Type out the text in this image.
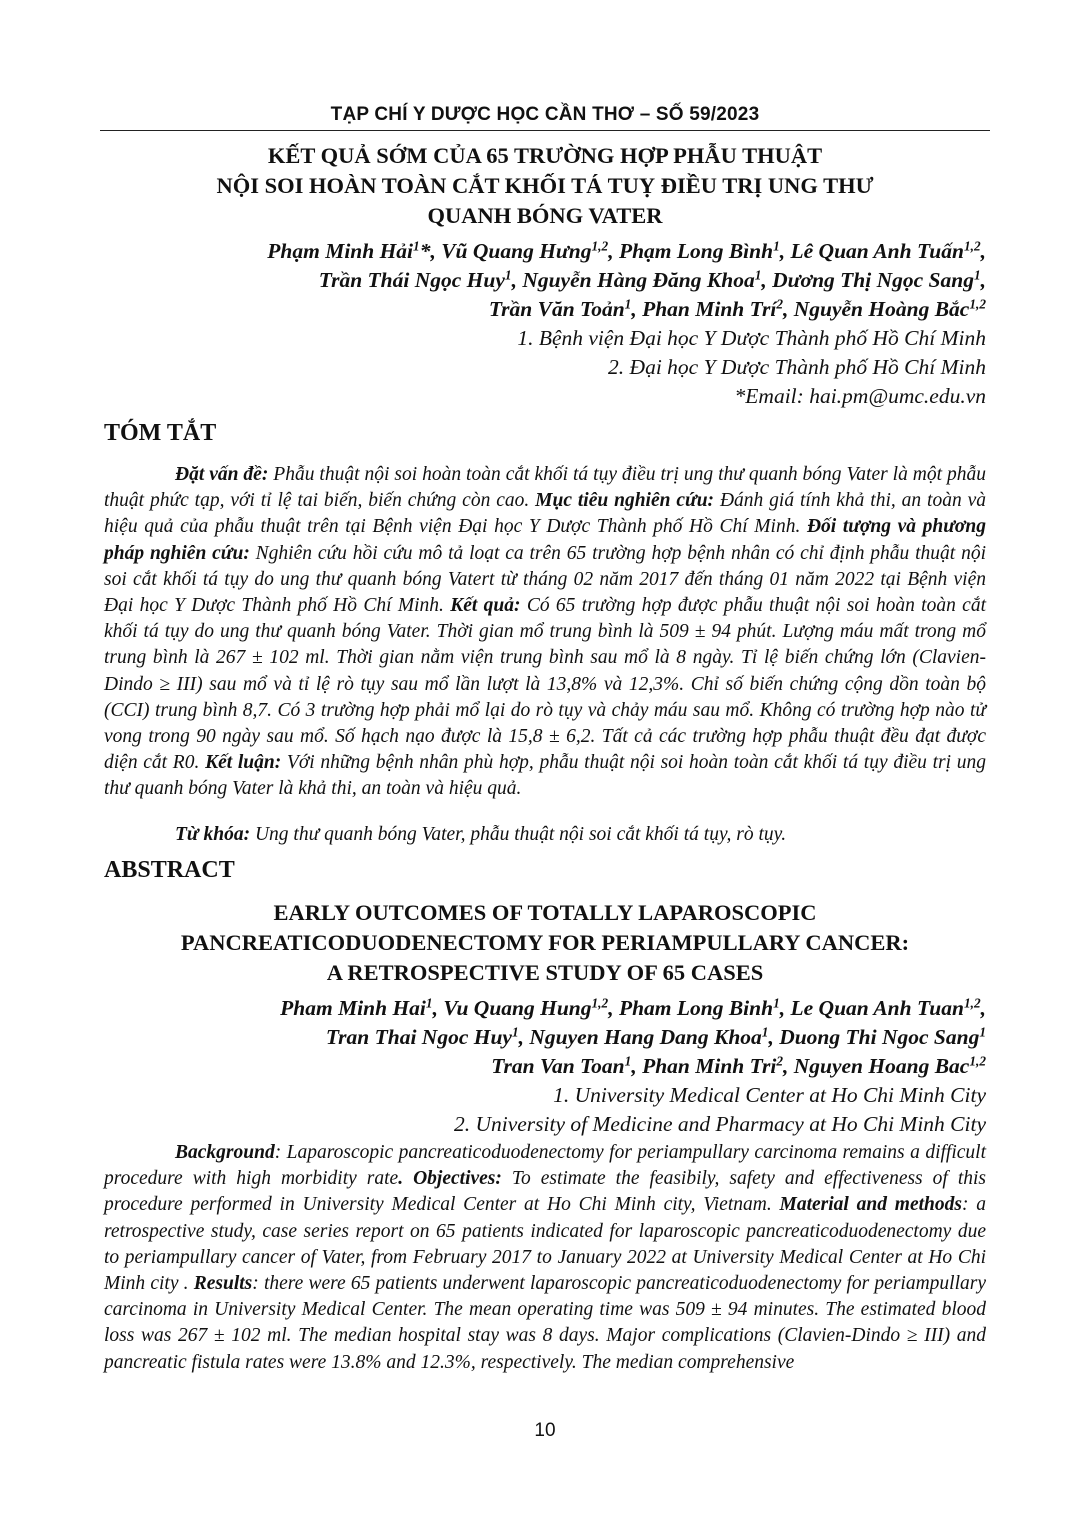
TẠP CHÍ Y DƯỢC HỌC CẦN THƠ – SỐ 59/2023
KẾT QUẢ SỚM CỦA 65 TRƯỜNG HỢP PHẪU THUẬT
NỘI SOI HOÀN TOÀN CẮT KHỐI TÁ TUỴ ĐIỀU TRỊ UNG THƯ
QUANH BÓNG VATER
Phạm Minh Hải$^1$*, Vũ Quang Hưng$^{1,2}$, Phạm Long Bình$^1$, Lê Quan Anh Tuấn$^{1,2}$,
Trần Thái Ngọc Huy$^1$, Nguyễn Hàng Đăng Khoa$^1$, Dương Thị Ngọc Sang$^1$,
Trần Văn Toản$^1$, Phan Minh Trí$^2$, Nguyễn Hoàng Bắc$^{1,2}$
1. Bệnh viện Đại học Y Dược Thành phố Hồ Chí Minh
2. Đại học Y Dược Thành phố Hồ Chí Minh
*Email: hai.pm@umc.edu.vn
TÓM TẮT
Đặt vấn đề: Phẫu thuật nội soi hoàn toàn cắt khối tá tụy điều trị ung thư quanh bóng Vater là một phẫu thuật phức tạp, với tỉ lệ tai biến, biến chứng còn cao. Mục tiêu nghiên cứu: Đánh giá tính khả thi, an toàn và hiệu quả của phẫu thuật trên tại Bệnh viện Đại học Y Dược Thành phố Hồ Chí Minh. Đối tượng và phương pháp nghiên cứu: Nghiên cứu hồi cứu mô tả loạt ca trên 65 trường hợp bệnh nhân có chỉ định phẫu thuật nội soi cắt khối tá tụy do ung thư quanh bóng Vatert từ tháng 02 năm 2017 đến tháng 01 năm 2022 tại Bệnh viện Đại học Y Dược Thành phố Hồ Chí Minh. Kết quả: Có 65 trường hợp được phẫu thuật nội soi hoàn toàn cắt khối tá tụy do ung thư quanh bóng Vater. Thời gian mổ trung bình là 509 ± 94 phút. Lượng máu mất trong mổ trung bình là 267 ± 102 ml. Thời gian nằm viện trung bình sau mổ là 8 ngày. Tỉ lệ biến chứng lớn (Clavien-Dindo ≥ III) sau mổ và tỉ lệ rò tụy sau mổ lần lượt là 13,8% và 12,3%. Chỉ số biến chứng cộng dồn toàn bộ (CCI) trung bình 8,7. Có 3 trường hợp phải mổ lại do rò tụy và chảy máu sau mổ. Không có trường hợp nào tử vong trong 90 ngày sau mổ. Số hạch nạo được là 15,8 ± 6,2. Tất cả các trường hợp phẫu thuật đều đạt được diện cắt R0. Kết luận: Với những bệnh nhân phù hợp, phẫu thuật nội soi hoàn toàn cắt khối tá tụy điều trị ung thư quanh bóng Vater là khả thi, an toàn và hiệu quả.
Từ khóa: Ung thư quanh bóng Vater, phẫu thuật nội soi cắt khối tá tụy, rò tụy.
ABSTRACT
EARLY OUTCOMES OF TOTALLY LAPAROSCOPIC
PANCREATICODUODENECTOMY FOR PERIAMPULLARY CANCER:
A RETROSPECTIVE STUDY OF 65 CASES
Pham Minh Hai$^1$, Vu Quang Hung$^{1,2}$, Pham Long Binh$^1$, Le Quan Anh Tuan$^{1,2}$,
Tran Thai Ngoc Huy$^1$, Nguyen Hang Dang Khoa$^1$, Duong Thi Ngoc Sang$^1$
Tran Van Toan$^1$, Phan Minh Tri$^2$, Nguyen Hoang Bac$^{1,2}$
1. University Medical Center at Ho Chi Minh City
2. University of Medicine and Pharmacy at Ho Chi Minh City
Background: Laparoscopic pancreaticoduodenectomy for periampullary carcinoma remains a difficult procedure with high morbidity rate. Objectives: To estimate the feasibily, safety and effectiveness of this procedure performed in University Medical Center at Ho Chi Minh city, Vietnam. Material and methods: a retrospective study, case series report on 65 patients indicated for laparoscopic pancreaticoduodenectomy due to periampullary cancer of Vater, from February 2017 to January 2022 at University Medical Center at Ho Chi Minh city . Results: there were 65 patients underwent laparoscopic pancreaticoduodenectomy for periampullary carcinoma in University Medical Center. The mean operating time was 509 ± 94 minutes. The estimated blood loss was 267 ± 102 ml. The median hospital stay was 8 days. Major complications (Clavien-Dindo ≥ III) and pancreatic fistula rates were 13.8% and 12.3%, respectively. The median comprehensive
10
